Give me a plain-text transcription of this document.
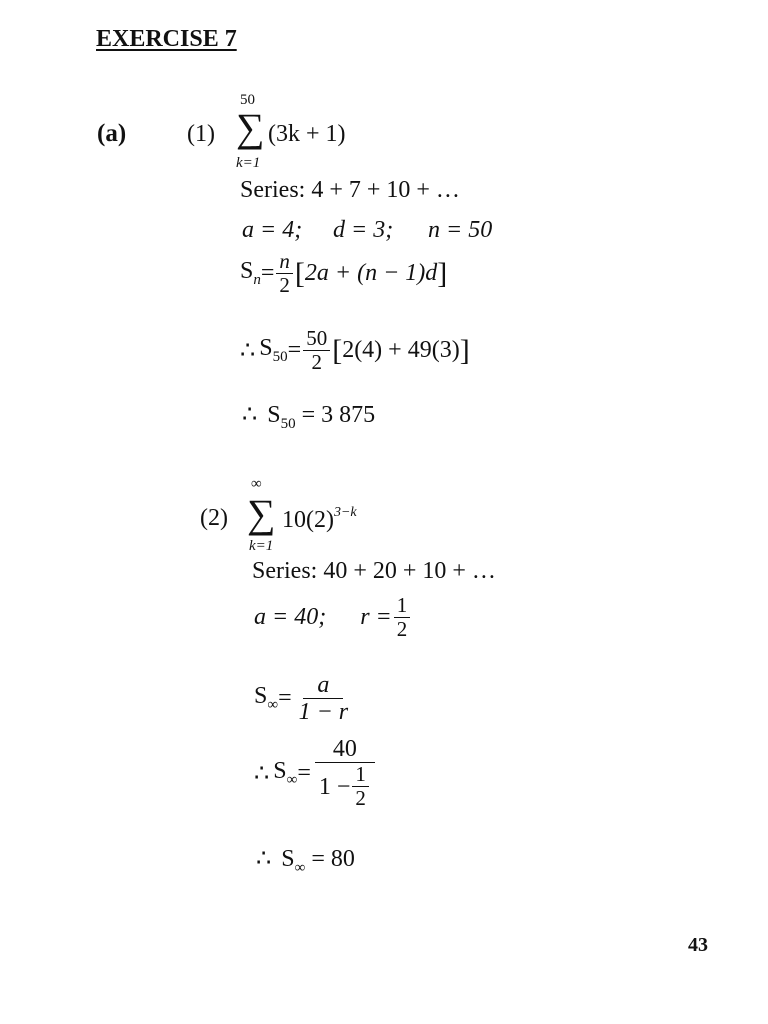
EXERCISE 7
(a)	(1)
50
∑
k=1
(3k + 1)
Series: 4 + 7 + 10 + …
a = 4; d = 3; n = 50
$S_n = \frac{n}{2}$ [ 2a + (n − 1)d ]
∴ $S_{50} = \frac{50}{2}$ [ 2(4) + 49(3) ]
∴ $S_{50} = 3$ 875
(2)
∞
∑
k=1
$10(2)^{3-k}$
Series: 40 + 20 + 10 + …
a = 40; $r = \frac{1}{2}$
$S_\infty = \frac{a}{1 - r}$
∴ $S_\infty = \frac{40}{1 - \frac{1}{2}}$
∴ $S_\infty = 80$
43
